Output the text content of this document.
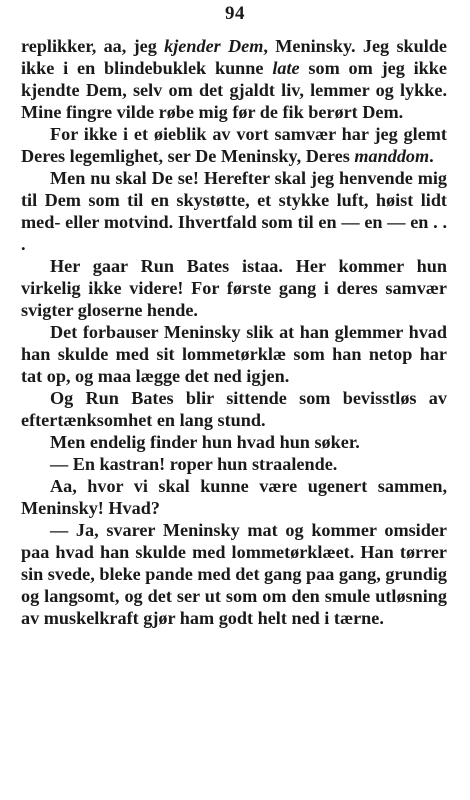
94

replikker, aa, jeg kjender Dem, Meninsky. Jeg skulde ikke i en blindebuklek kunne late som om jeg ikke kjendte Dem, selv om det gjaldt liv, lemmer og lykke. Mine fingre vilde røbe mig før de fik berørt Dem.

For ikke i et øieblik av vort samvær har jeg glemt Deres legemlighet, ser De Meninsky, Deres manddom.

Men nu skal De se! Herefter skal jeg henvende mig til Dem som til en skystøtte, et stykke luft, høist lidt med- eller motvind. Ihvertfald som til en — en — en . . .

Her gaar Run Bates istaa. Her kommer hun virkelig ikke videre! For første gang i deres samvær svigter gloserne hende.

Det forbauser Meninsky slik at han glemmer hvad han skulde med sit lommetørklæ som han netop har tat op, og maa lægge det ned igjen.

Og Run Bates blir sittende som bevisstløs av eftertænksomhet en lang stund.

Men endelig finder hun hvad hun søker.

— En kastran! roper hun straalende.

Aa, hvor vi skal kunne være ugenert sammen, Meninsky! Hvad?

— Ja, svarer Meninsky mat og kommer omsider paa hvad han skulde med lommetørklæet. Han tørrer sin svede, bleke pande med det gang paa gang, grundig og langsomt, og det ser ut som om den smule utløsning av muskelkraft gjør ham godt helt ned i tærne.
